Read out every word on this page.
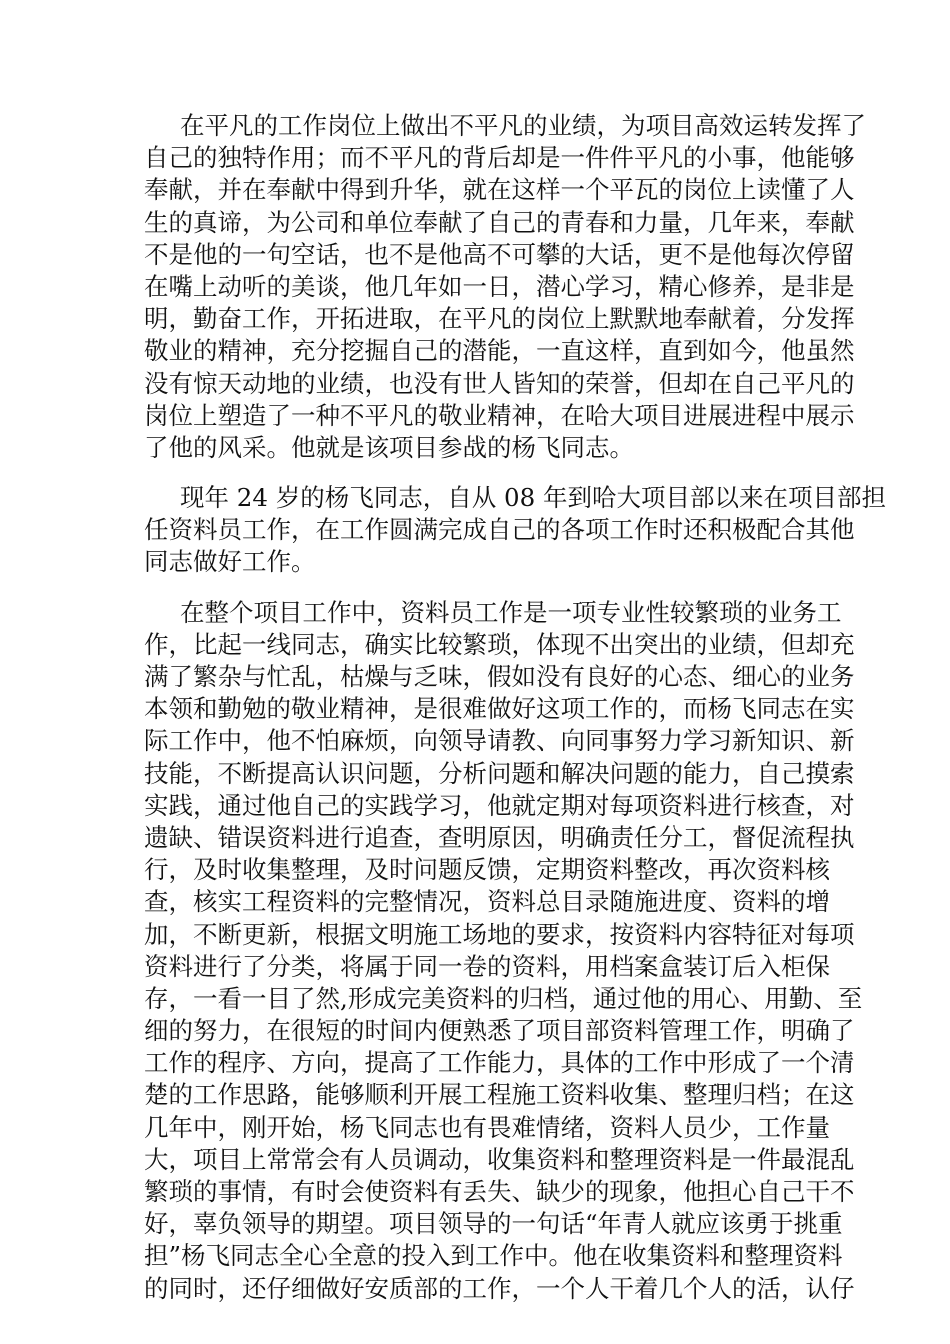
在平凡的工作岗位上做出不平凡的业绩，为项目高效运转发挥了
自己的独特作用；而不平凡的背后却是一件件平凡的小事，他能够
奉献，并在奉献中得到升华，就在这样一个平瓦的岗位上读懂了人
生的真谛，为公司和单位奉献了自己的青春和力量，几年来，奉献
不是他的一句空话，也不是他高不可攀的大话，更不是他每次停留
在嘴上动听的美谈，他几年如一日，潜心学习，精心修养，是非是
明，勤奋工作，开拓进取，在平凡的岗位上默默地奉献着，分发挥
敬业的精神，充分挖掘自己的潜能，一直这样，直到如今，他虽然
没有惊天动地的业绩，也没有世人皆知的荣誉，但却在自己平凡的
岗位上塑造了一种不平凡的敬业精神，在哈大项目进展进程中展示
了他的风采。他就是该项目参战的杨飞同志。
现年 24 岁的杨飞同志，自从 08 年到哈大项目部以来在项目部担
任资料员工作，在工作圆满完成自己的各项工作时还积极配合其他
同志做好工作。
在整个项目工作中，资料员工作是一项专业性较繁琐的业务工
作，比起一线同志，确实比较繁琐，体现不出突出的业绩，但却充
满了繁杂与忙乱，枯燥与乏味，假如没有良好的心态、细心的业务
本领和勤勉的敬业精神，是很难做好这项工作的，而杨飞同志在实
际工作中，他不怕麻烦，向领导请教、向同事努力学习新知识、新
技能，不断提高认识问题，分析问题和解决问题的能力，自己摸索
实践，通过他自己的实践学习，他就定期对每项资料进行核查，对
遗缺、错误资料进行追查，查明原因，明确责任分工，督促流程执
行，及时收集整理，及时问题反馈，定期资料整改，再次资料核
查，核实工程资料的完整情况，资料总目录随施进度、资料的增
加，不断更新，根据文明施工场地的要求，按资料内容特征对每项
资料进行了分类，将属于同一卷的资料，用档案盒装订后入柜保
存，一看一目了然,形成完美资料的归档，通过他的用心、用勤、至
细的努力，在很短的时间内便熟悉了项目部资料管理工作，明确了
工作的程序、方向，提高了工作能力，具体的工作中形成了一个清
楚的工作思路，能够顺利开展工程施工资料收集、整理归档；在这
几年中，刚开始，杨飞同志也有畏难情绪，资料人员少，工作量
大，项目上常常会有人员调动，收集资料和整理资料是一件最混乱
繁琐的事情，有时会使资料有丢失、缺少的现象，他担心自己干不
好，辜负领导的期望。项目领导的一句话“年青人就应该勇于挑重
担”杨飞同志全心全意的投入到工作中。他在收集资料和整理资料
的同时，还仔细做好安质部的工作，一个人干着几个人的活，认仔
